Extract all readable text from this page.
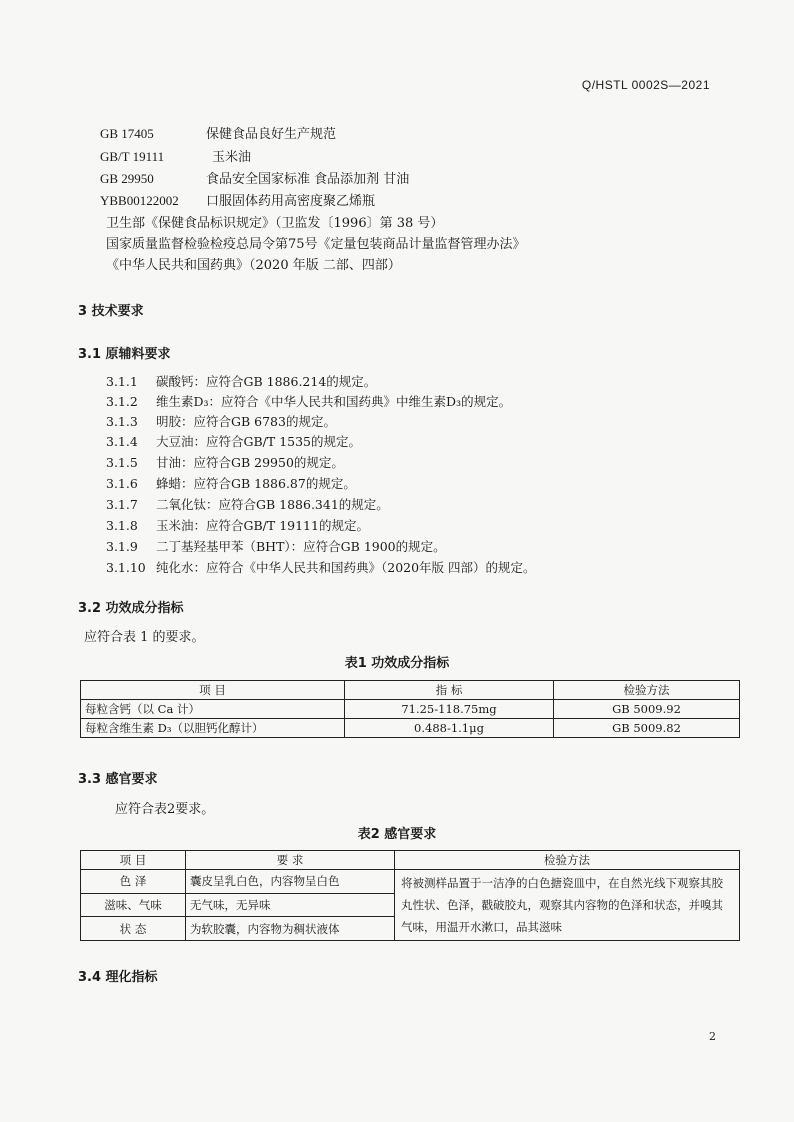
Q/HSTL 0002S—2021
GB 17405	保健食品良好生产规范
GB/T 19111	玉米油
GB 29950	食品安全国家标准 食品添加剂 甘油
YBB00122002 口服固体药用高密度聚乙烯瓶
卫生部《保健食品标识规定》（卫监发〔1996〕第 38 号）
国家质量监督检验检疫总局令第75号《定量包装商品计量监督管理办法》
《中华人民共和国药典》（2020 年版 二部、四部）
3 技术要求
3.1 原辅料要求
3.1.1 碳酸钙：应符合GB 1886.214的规定。
3.1.2 维生素D₃：应符合《中华人民共和国药典》中维生素D₃的规定。
3.1.3 明胶：应符合GB 6783的规定。
3.1.4 大豆油：应符合GB/T 1535的规定。
3.1.5 甘油：应符合GB 29950的规定。
3.1.6 蜂蜡：应符合GB 1886.87的规定。
3.1.7 二氧化钛：应符合GB 1886.341的规定。
3.1.8 玉米油：应符合GB/T 19111的规定。
3.1.9 二丁基羟基甲苯（BHT）：应符合GB 1900的规定。
3.1.10 纯化水：应符合《中华人民共和国药典》（2020年版 四部）的规定。
3.2 功效成分指标
应符合表 1 的要求。
表1 功效成分指标
项 目	指 标	检验方法
每粒含钙（以 Ca 计）	71.25-118.75mg	GB 5009.92
每粒含维生素 D₃（以胆钙化醇计）	0.488-1.1μg	GB 5009.82
3.3 感官要求
应符合表2要求。
表2 感官要求
项 目	要 求	检验方法
色 泽	囊皮呈乳白色，内容物呈白色	将被测样品置于一洁净的白色搪瓷皿中，在自然光线下观察其胶丸性状、色泽，戳破胶丸，观察其内容物的色泽和状态，并嗅其气味，用温开水漱口，品其滋味
滋味、气味	无气味，无异味	
状 态	为软胶囊，内容物为稠状液体	
3.4 理化指标
2
